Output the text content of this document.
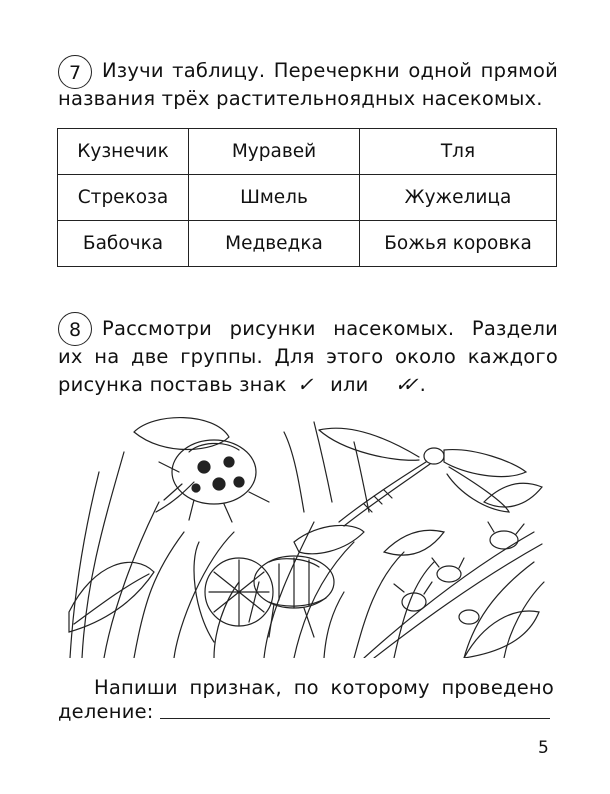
7	Изучи таблицу. Перечеркни одной прямой
названия трёх растительноядных насекомых.
Кузнечик	Муравей	Тля
Стрекоза	Шмель	Жужелица
Бабочка	Медведка	Божья коровка
8	Рассмотри рисунки насекомых. Раздели
их на две группы. Для этого около каждого
рисунка поставь знак ✓ или ✓✓ .
Напиши признак, по которому проведено
деление:
5
